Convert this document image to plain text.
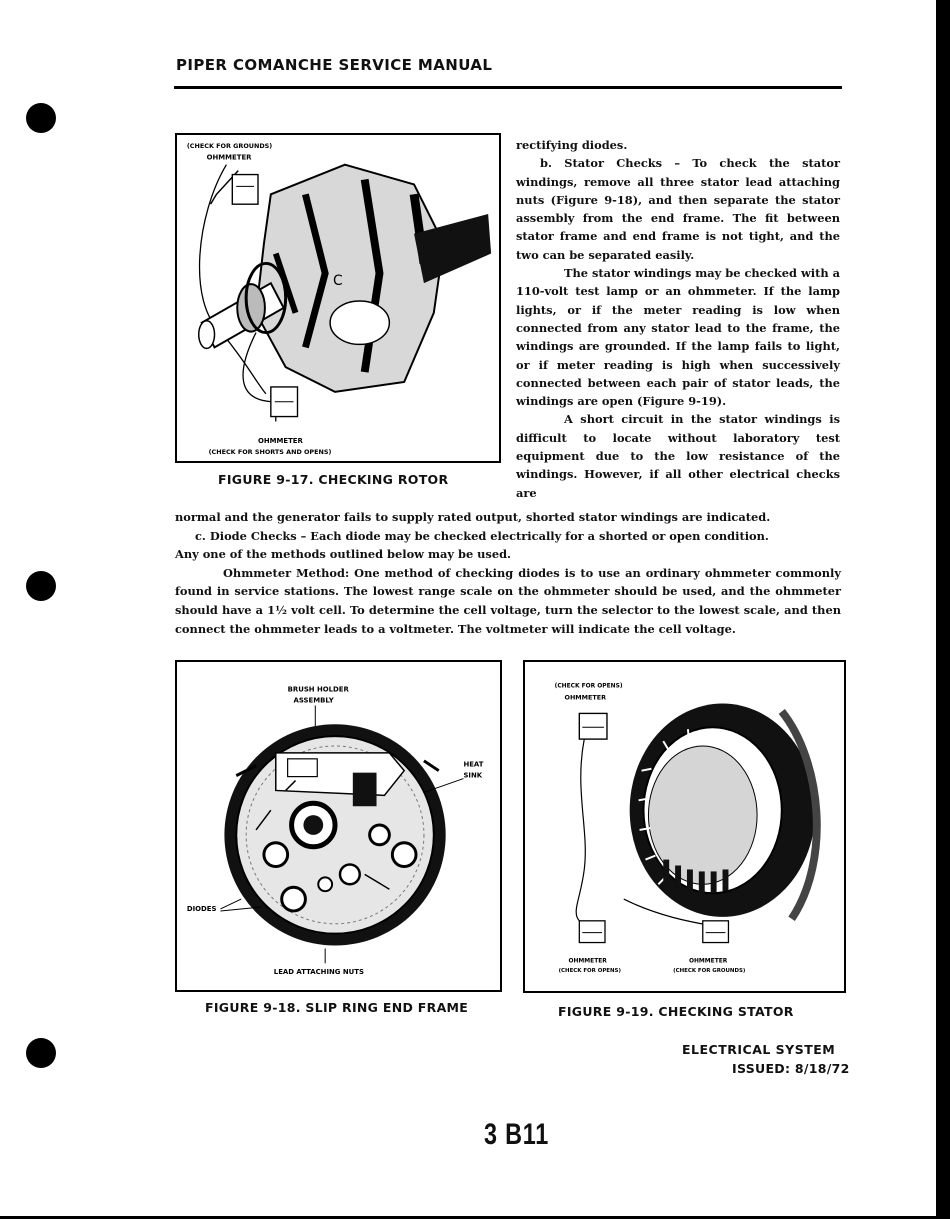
PIPER COMANCHE SERVICE MANUAL
(CHECK FOR GROUNDS)
OHMMETER
C
OHMMETER
(CHECK FOR SHORTS AND OPENS)
FIGURE 9-17. CHECKING ROTOR

rectifying diodes.

b. Stator Checks – To check the stator windings, remove all three stator lead attaching nuts (Figure 9-18), and then separate the stator assembly from the end frame. The fit between stator frame and end frame is not tight, and the two can be separated easily.

The stator windings may be checked with a 110-volt test lamp or an ohmmeter. If the lamp lights, or if the meter reading is low when connected from any stator lead to the frame, the windings are grounded. If the lamp fails to light, or if meter reading is high when successively connected between each pair of stator leads, the windings are open (Figure 9-19).

A short circuit in the stator windings is difficult to locate without laboratory test equipment due to the low resistance of the windings. However, if all other electrical checks are

normal and the generator fails to supply rated output, shorted stator windings are indicated.

c. Diode Checks – Each diode may be checked electrically for a shorted or open condition.

Any one of the methods outlined below may be used.

Ohmmeter Method: One method of checking diodes is to use an ordinary ohmmeter commonly found in service stations. The lowest range scale on the ohmmeter should be used, and the ohmmeter should have a 1½ volt cell. To determine the cell voltage, turn the selector to the lowest scale, and then connect the ohmmeter leads to a voltmeter. The voltmeter will indicate the cell voltage.

BRUSH HOLDER
ASSEMBLY
HEAT
SINK
DIODES
LEAD ATTACHING NUTS
FIGURE 9-18. SLIP RING END FRAME
(CHECK FOR OPENS)
OHMMETER
OHMMETER
(CHECK FOR OPENS)
OHMMETER
(CHECK FOR GROUNDS)
FIGURE 9-19. CHECKING STATOR
ELECTRICAL SYSTEM
ISSUED: 8/18/72
3 B11
